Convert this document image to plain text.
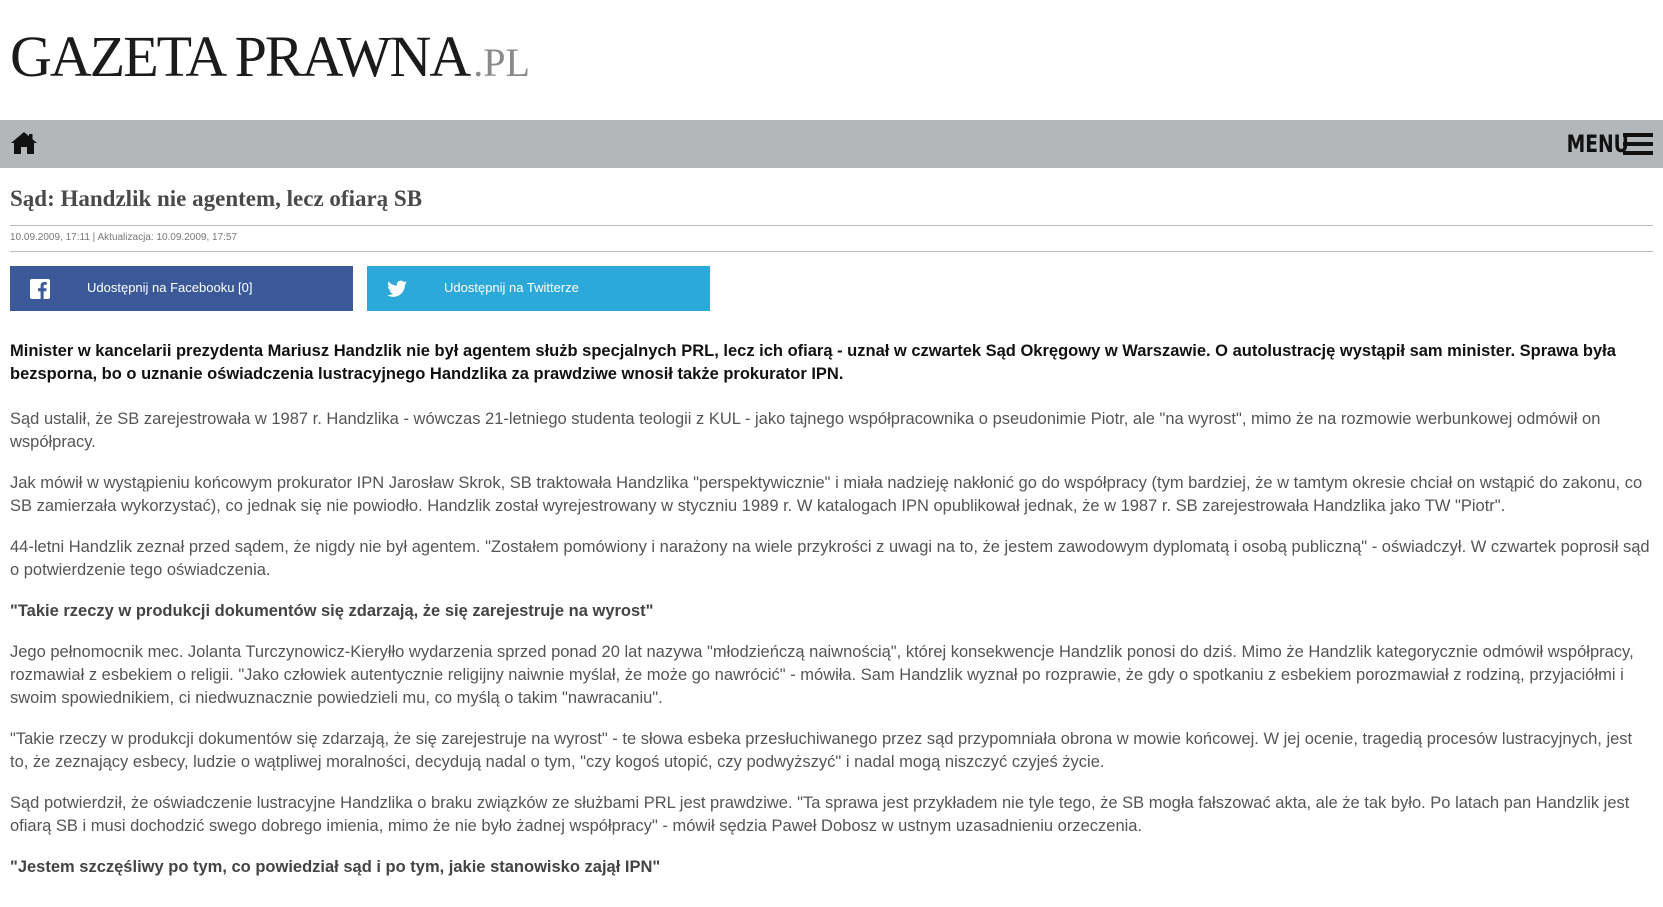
GAZETA PRAWNA .PL
MENU
Sąd: Handzlik nie agentem, lecz ofiarą SB
10.09.2009, 17:11 | Aktualizacja: 10.09.2009, 17:57
Udostępnij na Facebooku [0]	Udostępnij na Twitterze

Minister w kancelarii prezydenta Mariusz Handzlik nie był agentem służb specjalnych PRL, lecz ich ofiarą - uznał w czwartek Sąd Okręgowy w Warszawie. O autolustrację wystąpił sam minister. Sprawa była bezsporna, bo o uznanie oświadczenia lustracyjnego Handzlika za prawdziwe wnosił także prokurator IPN.

Sąd ustalił, że SB zarejestrowała w 1987 r. Handzlika - wówczas 21-letniego studenta teologii z KUL - jako tajnego współpracownika o pseudonimie Piotr, ale "na wyrost", mimo że na rozmowie werbunkowej odmówił on współpracy.

Jak mówił w wystąpieniu końcowym prokurator IPN Jarosław Skrok, SB traktowała Handzlika "perspektywicznie" i miała nadzieję nakłonić go do współpracy (tym bardziej, że w tamtym okresie chciał on wstąpić do zakonu, co SB zamierzała wykorzystać), co jednak się nie powiodło. Handzlik został wyrejestrowany w styczniu 1989 r. W katalogach IPN opublikował jednak, że w 1987 r. SB zarejestrowała Handzlika jako TW "Piotr".

44-letni Handzlik zeznał przed sądem, że nigdy nie był agentem. "Zostałem pomówiony i narażony na wiele przykrości z uwagi na to, że jestem zawodowym dyplomatą i osobą publiczną" - oświadczył. W czwartek poprosił sąd o potwierdzenie tego oświadczenia.

"Takie rzeczy w produkcji dokumentów się zdarzają, że się zarejestruje na wyrost"

Jego pełnomocnik mec. Jolanta Turczynowicz-Kieryłło wydarzenia sprzed ponad 20 lat nazywa "młodzieńczą naiwnością", której konsekwencje Handzlik ponosi do dziś. Mimo że Handzlik kategorycznie odmówił współpracy, rozmawiał z esbekiem o religii. "Jako człowiek autentycznie religijny naiwnie myślał, że może go nawrócić" - mówiła. Sam Handzlik wyznał po rozprawie, że gdy o spotkaniu z esbekiem porozmawiał z rodziną, przyjaciółmi i swoim spowiednikiem, ci niedwuznacznie powiedzieli mu, co myślą o takim "nawracaniu".

"Takie rzeczy w produkcji dokumentów się zdarzają, że się zarejestruje na wyrost" - te słowa esbeka przesłuchiwanego przez sąd przypomniała obrona w mowie końcowej. W jej ocenie, tragedią procesów lustracyjnych, jest to, że zeznający esbecy, ludzie o wątpliwej moralności, decydują nadal o tym, "czy kogoś utopić, czy podwyższyć" i nadal mogą niszczyć czyjeś życie.

Sąd potwierdził, że oświadczenie lustracyjne Handzlika o braku związków ze służbami PRL jest prawdziwe. "Ta sprawa jest przykładem nie tyle tego, że SB mogła fałszować akta, ale że tak było. Po latach pan Handzlik jest ofiarą SB i musi dochodzić swego dobrego imienia, mimo że nie było żadnej współpracy" - mówił sędzia Paweł Dobosz w ustnym uzasadnieniu orzeczenia.

"Jestem szczęśliwy po tym, co powiedział sąd i po tym, jakie stanowisko zajął IPN"
